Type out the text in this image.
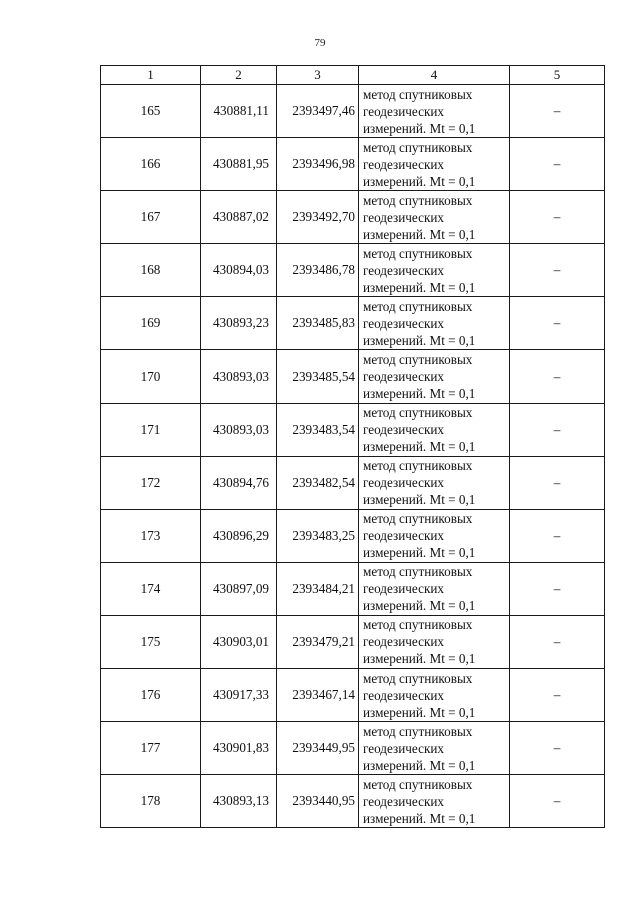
79
1	2	3	4	5
165	430881,11	2393497,46	метод спутниковых
геодезических
измерений. Mt = 0,1	–
166	430881,95	2393496,98	метод спутниковых
геодезических
измерений. Mt = 0,1	–
167	430887,02	2393492,70	метод спутниковых
геодезических
измерений. Mt = 0,1	–
168	430894,03	2393486,78	метод спутниковых
геодезических
измерений. Mt = 0,1	–
169	430893,23	2393485,83	метод спутниковых
геодезических
измерений. Mt = 0,1	–
170	430893,03	2393485,54	метод спутниковых
геодезических
измерений. Mt = 0,1	–
171	430893,03	2393483,54	метод спутниковых
геодезических
измерений. Mt = 0,1	–
172	430894,76	2393482,54	метод спутниковых
геодезических
измерений. Mt = 0,1	–
173	430896,29	2393483,25	метод спутниковых
геодезических
измерений. Mt = 0,1	–
174	430897,09	2393484,21	метод спутниковых
геодезических
измерений. Mt = 0,1	–
175	430903,01	2393479,21	метод спутниковых
геодезических
измерений. Mt = 0,1	–
176	430917,33	2393467,14	метод спутниковых
геодезических
измерений. Mt = 0,1	–
177	430901,83	2393449,95	метод спутниковых
геодезических
измерений. Mt = 0,1	–
178	430893,13	2393440,95	метод спутниковых
геодезических
измерений. Mt = 0,1	–
